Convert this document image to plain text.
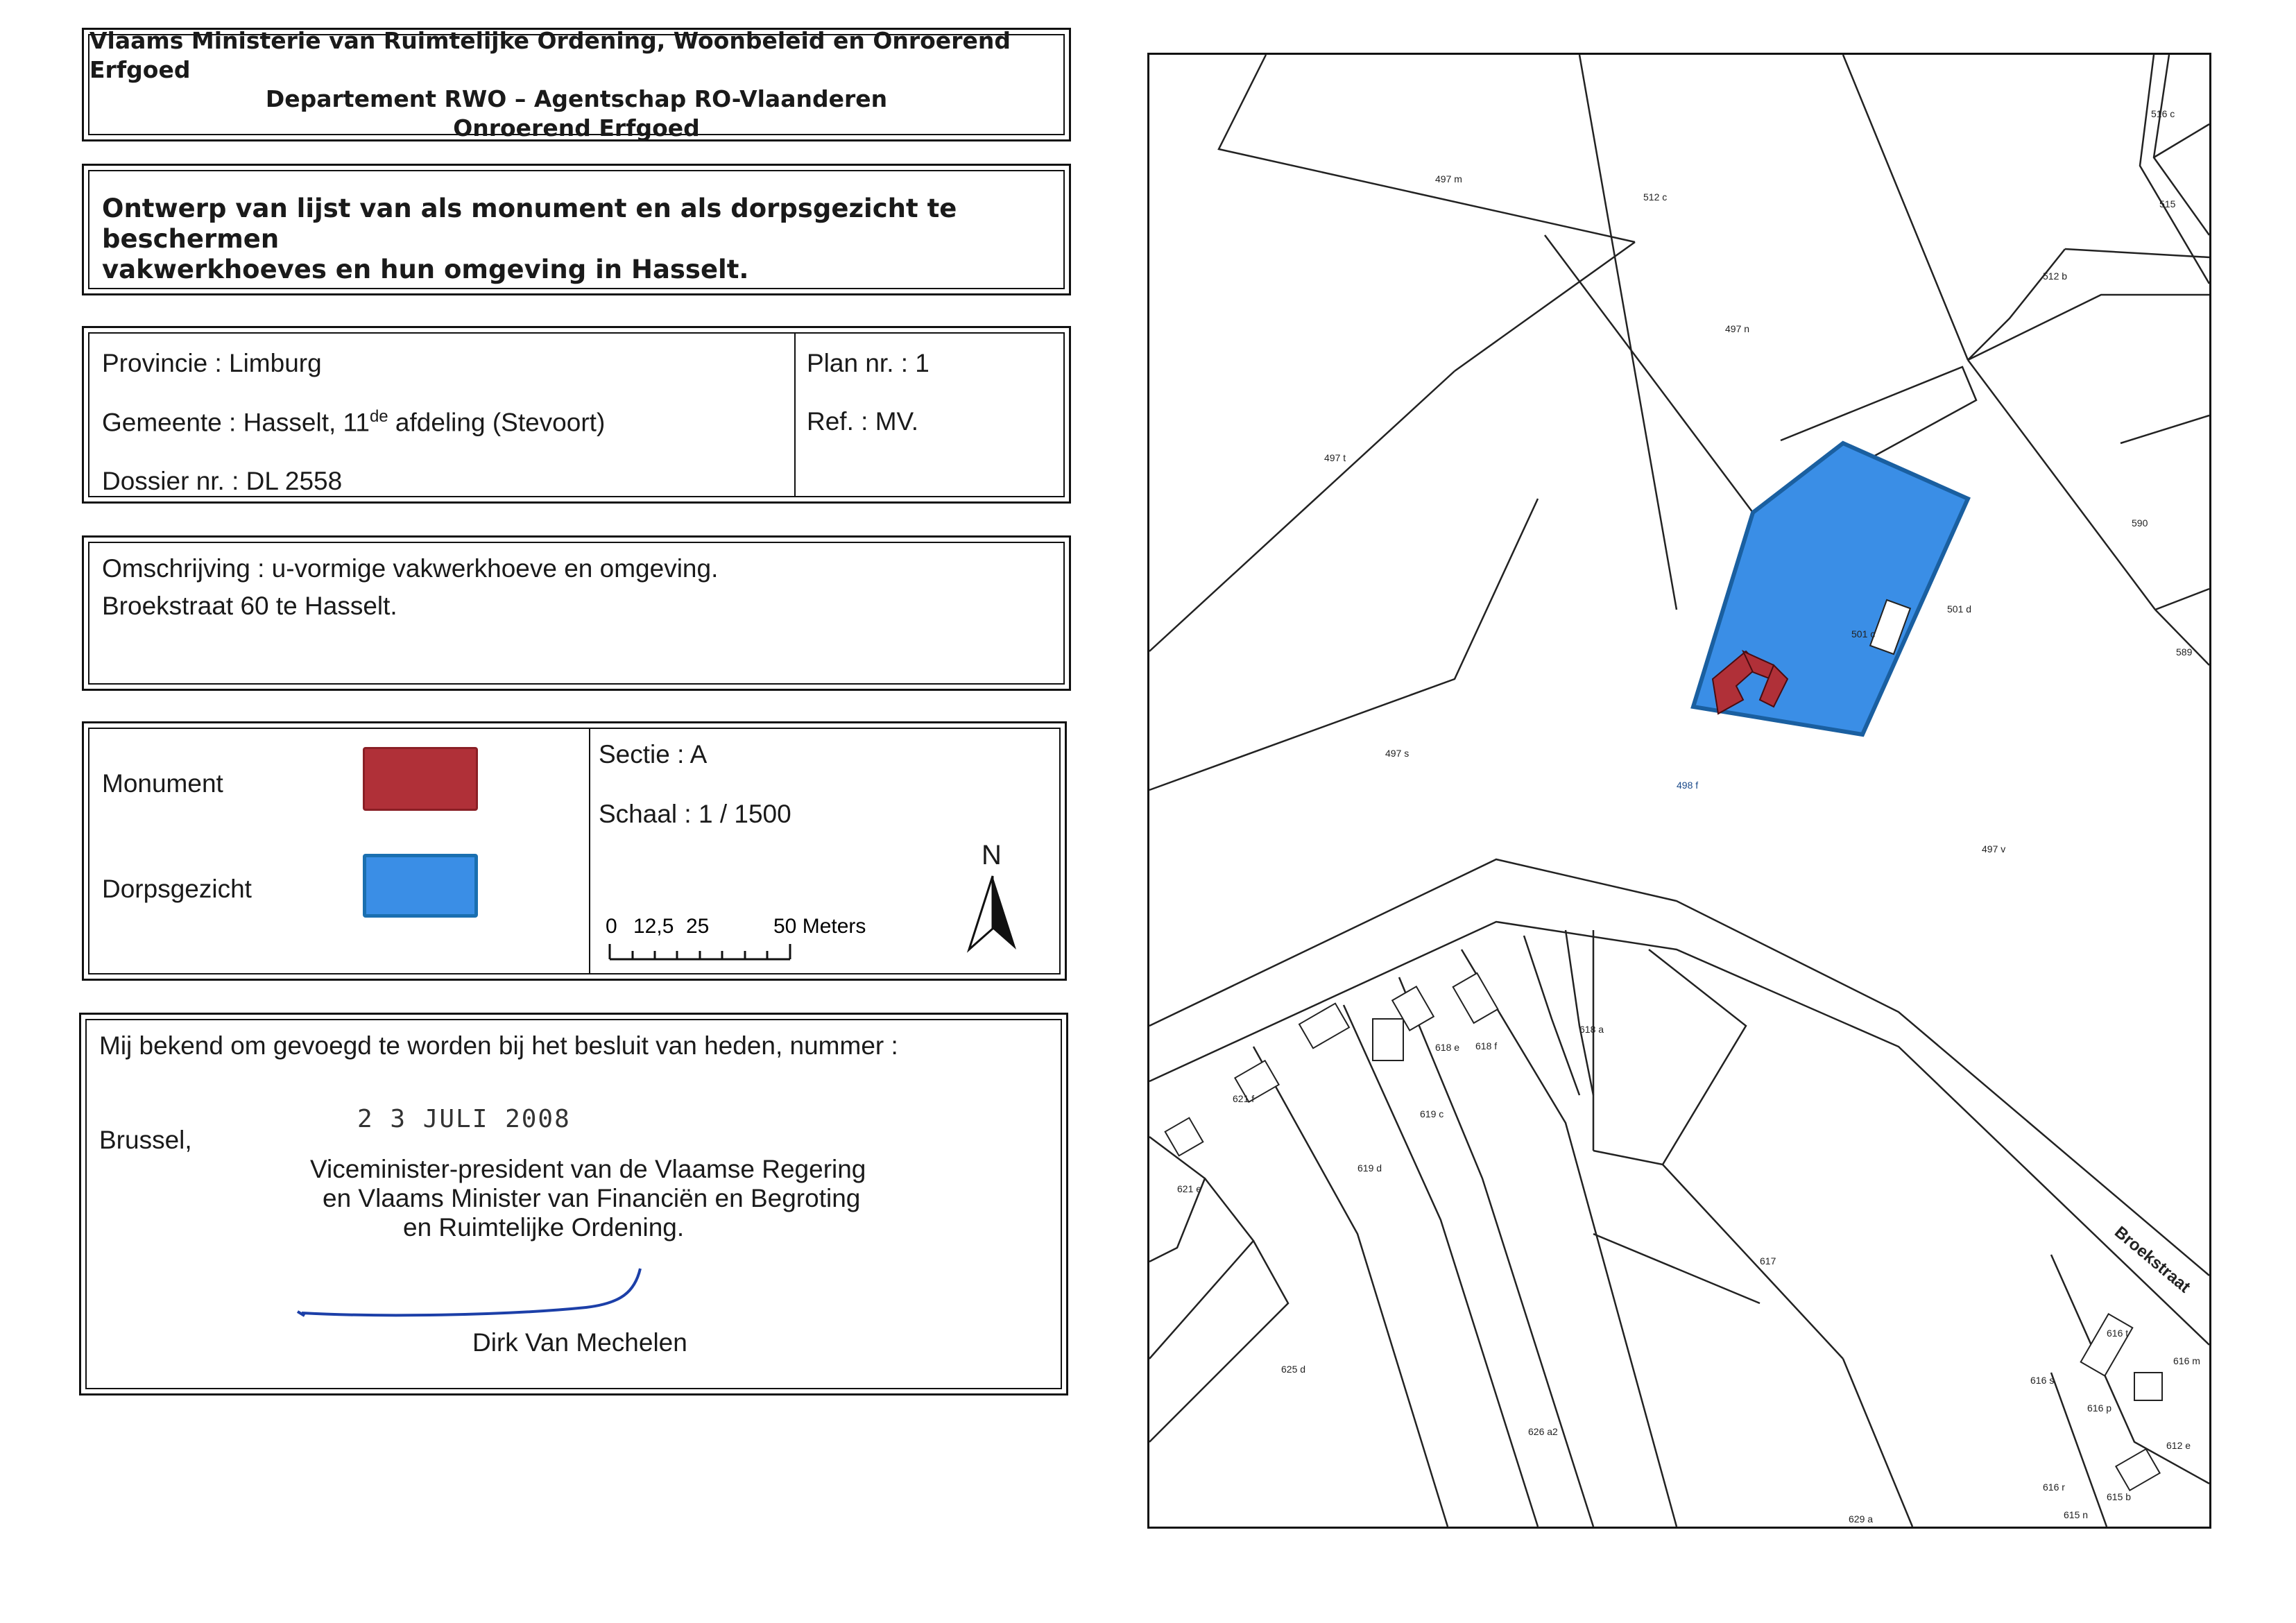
Vlaams Ministerie van Ruimtelijke Ordening, Woonbeleid en Onroerend Erfgoed
Departement RWO – Agentschap RO-Vlaanderen
Onroerend Erfgoed
Ontwerp van lijst van als monument en als dorpsgezicht te beschermen
vakwerkhoeves en hun omgeving in Hasselt.
Provincie : Limburg
Gemeente : Hasselt, 11de afdeling (Stevoort)
Dossier nr. : DL 2558
Plan nr. : 1
Ref. : MV.
Omschrijving : u-vormige vakwerkhoeve en omgeving.
Broekstraat 60 te Hasselt.
Monument
Dorpsgezicht
Sectie : A
Schaal : 1 / 1500
0 12,5 25	50 Meters
N
Mij bekend om gevoegd te worden bij het besluit van heden, nummer :
2 3 JULI 2008
Brussel,
Viceminister-president van de Vlaamse Regering
en Vlaams Minister van Financiën en Begroting
en Ruimtelijke Ordening.
Dirk Van Mechelen
516 c
515
497 m
512 c
512 b
497 n
497 t
590
501 d
501 c
589
497 s
498 f
497 v
618 a
618 e 618 f
621 f
619 c
621 e
619 d
617
616 t
616 m
616 s
616 p
612 e
625 d
626 a2
616 r
615 n
615 b
629 a
Broekstraat
